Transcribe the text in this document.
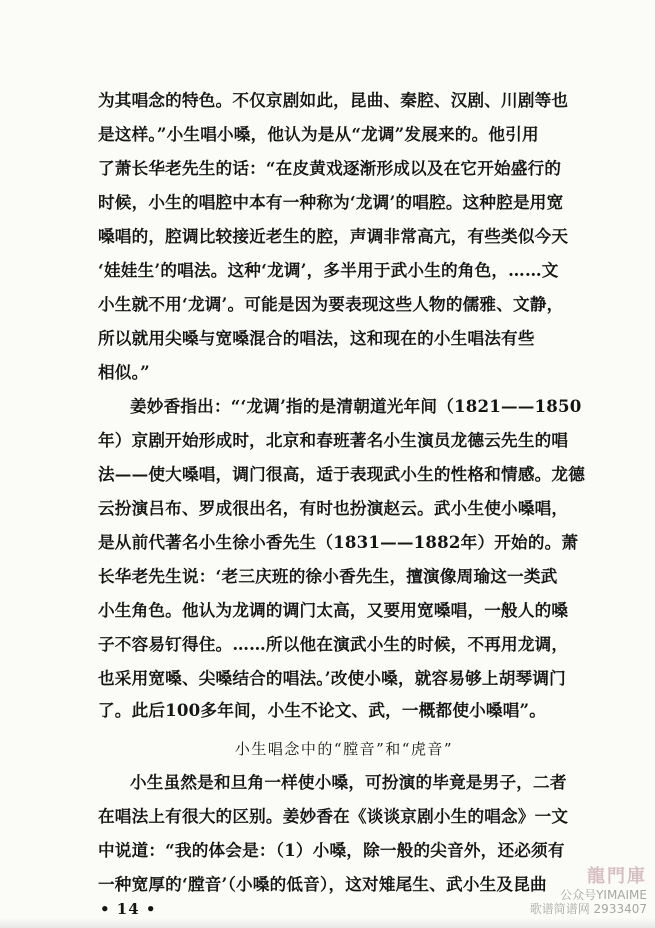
为其唱念的特色。不仅京剧如此，昆曲、秦腔、汉剧、川剧等也
是这样。”小生唱小嗓，他认为是从“龙调”发展来的。他引用
了萧长华老先生的话：“在皮黄戏逐渐形成以及在它开始盛行的
时候，小生的唱腔中本有一种称为‘龙调’的唱腔。这种腔是用宽
嗓唱的，腔调比较接近老生的腔，声调非常高亢，有些类似今天
‘娃娃生’的唱法。这种‘龙调’，多半用于武小生的角色，……文
小生就不用‘龙调’。可能是因为要表现这些人物的儒雅、文静，
所以就用尖嗓与宽嗓混合的唱法，这和现在的小生唱法有些
相似。”
姜妙香指出：“‘龙调’指的是清朝道光年间（1821——1850
年）京剧开始形成时，北京和春班著名小生演员龙德云先生的唱
法——使大嗓唱，调门很高，适于表现武小生的性格和情感。龙德
云扮演吕布、罗成很出名，有时也扮演赵云。武小生使小嗓唱，
是从前代著名小生徐小香先生（1831——1882年）开始的。萧
长华老先生说：‘老三庆班的徐小香先生，擅演像周瑜这一类武
小生角色。他认为龙调的调门太高，又要用宽嗓唱，一般人的嗓
子不容易钉得住。……所以他在演武小生的时候，不再用龙调，
也采用宽嗓、尖嗓结合的唱法。’改使小嗓，就容易够上胡琴调门
了。此后100多年间，小生不论文、武，一概都使小嗓唱”。
小生唱念中的“膛音”和“虎音”
小生虽然是和旦角一样使小嗓，可扮演的毕竟是男子，二者
在唱法上有很大的区别。姜妙香在《谈谈京剧小生的唱念》一文
中说道：“我的体会是：（1）小嗓，除一般的尖音外，还必须有
一种宽厚的‘膛音’（小嗓的低音），这对雉尾生、武小生及昆曲
• 14 •
龍門庫
公众号YIMAIME
歌谱简谱网 2933407
